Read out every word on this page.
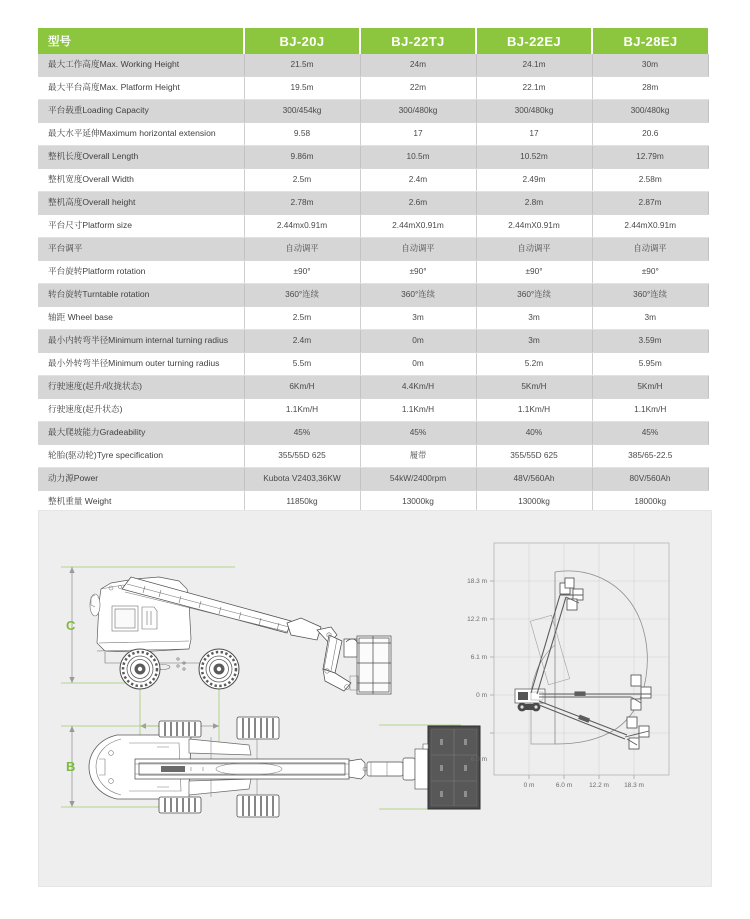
型号	BJ-20J	BJ-22TJ	BJ-22EJ	BJ-28EJ
最大工作高度Max. Working Height	21.5m	24m	24.1m	30m
最大平台高度Max. Platform Height	19.5m	22m	22.1m	28m
平台载重Loading Capacity	300/454kg	300/480kg	300/480kg	300/480kg
最大水平延伸Maximum horizontal extension	9.58	17	17	20.6
整机长度Overall Length	9.86m	10.5m	10.52m	12.79m
整机宽度Overall Width	2.5m	2.4m	2.49m	2.58m
整机高度Overall height	2.78m	2.6m	2.8m	2.87m
平台尺寸Platform size	2.44mx0.91m	2.44mX0.91m	2.44mX0.91m	2.44mX0.91m
平台调平	自动调平	自动调平	自动调平	自动调平
平台旋转Platform rotation	±90°	±90°	±90°	±90°
转台旋转Turntable rotation	360°连续	360°连续	360°连续	360°连续
轴距 Wheel base	2.5m	3m	3m	3m
最小内转弯半径Minimum internal turning radius	2.4m	0m	3m	3.59m
最小外转弯半径Minimum outer turning radius	5.5m	0m	5.2m	5.95m
行驶速度(起升/收拢状态)	6Km/H	4.4Km/H	5Km/H	5Km/H
行驶速度(起升状态)	1.1Km/H	1.1Km/H	1.1Km/H	1.1Km/H
最大爬坡能力Gradeability	45%	45%	40%	45%
轮胎(驱动轮)Tyre specification	355/55D 625	履带	355/55D 625	385/65-22.5
动力源Power	Kubota V2403,36KW	54kW/2400rpm	48V/560Ah	80V/560Ah
整机重量 Weight	11850kg	13000kg	13000kg	18000kg
C
B
18.3 m
12.2 m
6.1 m
0 m
6.0 m
0 m	6.0 m	12.2 m 18.3 m
